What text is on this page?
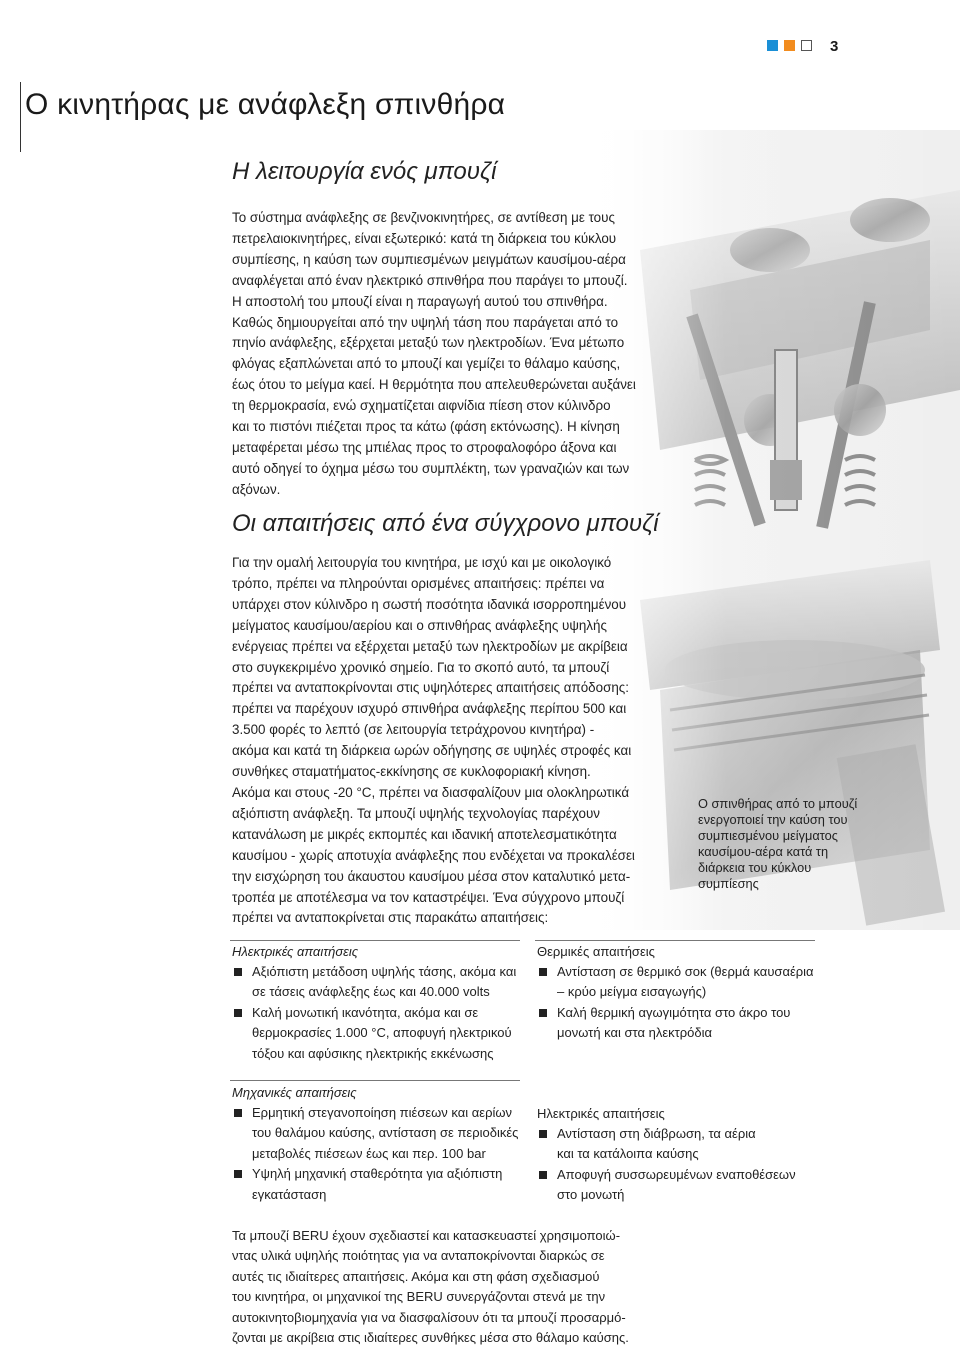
3
Ο κινητήρας με ανάφλεξη σπινθήρα
Η λειτουργία ενός μπουζί

Το σύστημα ανάφλεξης σε βενζινοκινητήρες, σε αντίθεση με τους
πετρελαιοκινητήρες, είναι εξωτερικό: κατά τη διάρκεια του κύκλου
συμπίεσης, η καύση των συμπιεσμένων μειγμάτων καυσίμου-αέρα
αναφλέγεται από έναν ηλεκτρικό σπινθήρα που παράγει το μπουζί.
Η αποστολή του μπουζί είναι η παραγωγή αυτού του σπινθήρα.
Καθώς δημιουργείται από την υψηλή τάση που παράγεται από το
πηνίο ανάφλεξης, εξέρχεται μεταξύ των ηλεκτροδίων. Ένα μέτωπο
φλόγας εξαπλώνεται από το μπουζί και γεμίζει το θάλαμο καύσης,
έως ότου το μείγμα καεί. Η θερμότητα που απελευθερώνεται αυξάνει
τη θερμοκρασία, ενώ σχηματίζεται αιφνίδια πίεση στον κύλινδρο
και το πιστόνι πιέζεται προς τα κάτω (φάση εκτόνωσης). Η κίνηση
μεταφέρεται μέσω της μπιέλας προς το στροφαλοφόρο άξονα και
αυτό οδηγεί το όχημα μέσω του συμπλέκτη, των γραναζιών και των
αξόνων.

Οι απαιτήσεις από ένα σύγχρονο μπουζί

Για την ομαλή λειτουργία του κινητήρα, με ισχύ και με οικολογικό
τρόπο, πρέπει να πληρούνται ορισμένες απαιτήσεις: πρέπει να
υπάρχει στον κύλινδρο η σωστή ποσότητα ιδανικά ισορροπημένου
μείγματος καυσίμου/αερίου και ο σπινθήρας ανάφλεξης υψηλής
ενέργειας πρέπει να εξέρχεται μεταξύ των ηλεκτροδίων με ακρίβεια
στο συγκεκριμένο χρονικό σημείο. Για το σκοπό αυτό, τα μπουζί
πρέπει να ανταποκρίνονται στις υψηλότερες απαιτήσεις απόδοσης:
πρέπει να παρέχουν ισχυρό σπινθήρα ανάφλεξης περίπου 500 και
3.500 φορές το λεπτό (σε λειτουργία τετράχρονου κινητήρα) -
ακόμα και κατά τη διάρκεια ωρών οδήγησης σε υψηλές στροφές και
συνθήκες σταματήματος-εκκίνησης σε κυκλοφοριακή κίνηση.
Ακόμα και στους -20 °C, πρέπει να διασφαλίζουν μια ολοκληρωτικά
αξιόπιστη ανάφλεξη. Τα μπουζί υψηλής τεχνολογίας παρέχουν
κατανάλωση με μικρές εκπομπές και ιδανική αποτελεσματικότητα
καυσίμου - χωρίς αποτυχία ανάφλεξης που ενδέχεται να προκαλέσει
την εισχώρηση του άκαυστου καυσίμου μέσα στον καταλυτικό μετα-
τροπέα με αποτέλεσμα να τον καταστρέψει. Ένα σύγχρονο μπουζί
πρέπει να ανταποκρίνεται στις παρακάτω απαιτήσεις:

Ο σπινθήρας από το μπουζί
ενεργοποιεί την καύση του
συμπιεσμένου μείγματος
καυσίμου-αέρα κατά τη
διάρκεια του κύκλου
συμπίεσης

Ηλεκτρικές απαιτήσεις

Αξιόπιστη μετάδοση υψηλής τάσης, ακόμα και
σε τάσεις ανάφλεξης έως και 40.000 volts
Καλή μονωτική ικανότητα, ακόμα και σε
θερμοκρασίες 1.000 °C, αποφυγή ηλεκτρικού
τόξου και αφύσικης ηλεκτρικής εκκένωσης

Θερμικές απαιτήσεις

Αντίσταση σε θερμικό σοκ (θερμά καυσαέρια
– κρύο μείγμα εισαγωγής)
Καλή θερμική αγωγιμότητα στο άκρο του
μονωτή και στα ηλεκτρόδια

Μηχανικές απαιτήσεις

Ερμητική στεγανοποίηση πιέσεων και αερίων
του θαλάμου καύσης, αντίσταση σε περιοδικές
μεταβολές πιέσεων έως και περ. 100 bar
Υψηλή μηχανική σταθερότητα για αξιόπιστη
εγκατάσταση

Ηλεκτρικές απαιτήσεις

Αντίσταση στη διάβρωση, τα αέρια
και τα κατάλοιπα καύσης
Αποφυγή συσσωρευμένων εναποθέσεων
στο μονωτή

Τα μπουζί BERU έχουν σχεδιαστεί και κατασκευαστεί χρησιμοποιώ-
ντας υλικά υψηλής ποιότητας για να ανταποκρίνονται διαρκώς σε
αυτές τις ιδιαίτερες απαιτήσεις. Ακόμα και στη φάση σχεδιασμού
του κινητήρα, οι μηχανικοί της BERU συνεργάζονται στενά με την
αυτοκινητοβιομηχανία για να διασφαλίσουν ότι τα μπουζί προσαρμό-
ζονται με ακρίβεια στις ιδιαίτερες συνθήκες μέσα στο θάλαμο καύσης.
